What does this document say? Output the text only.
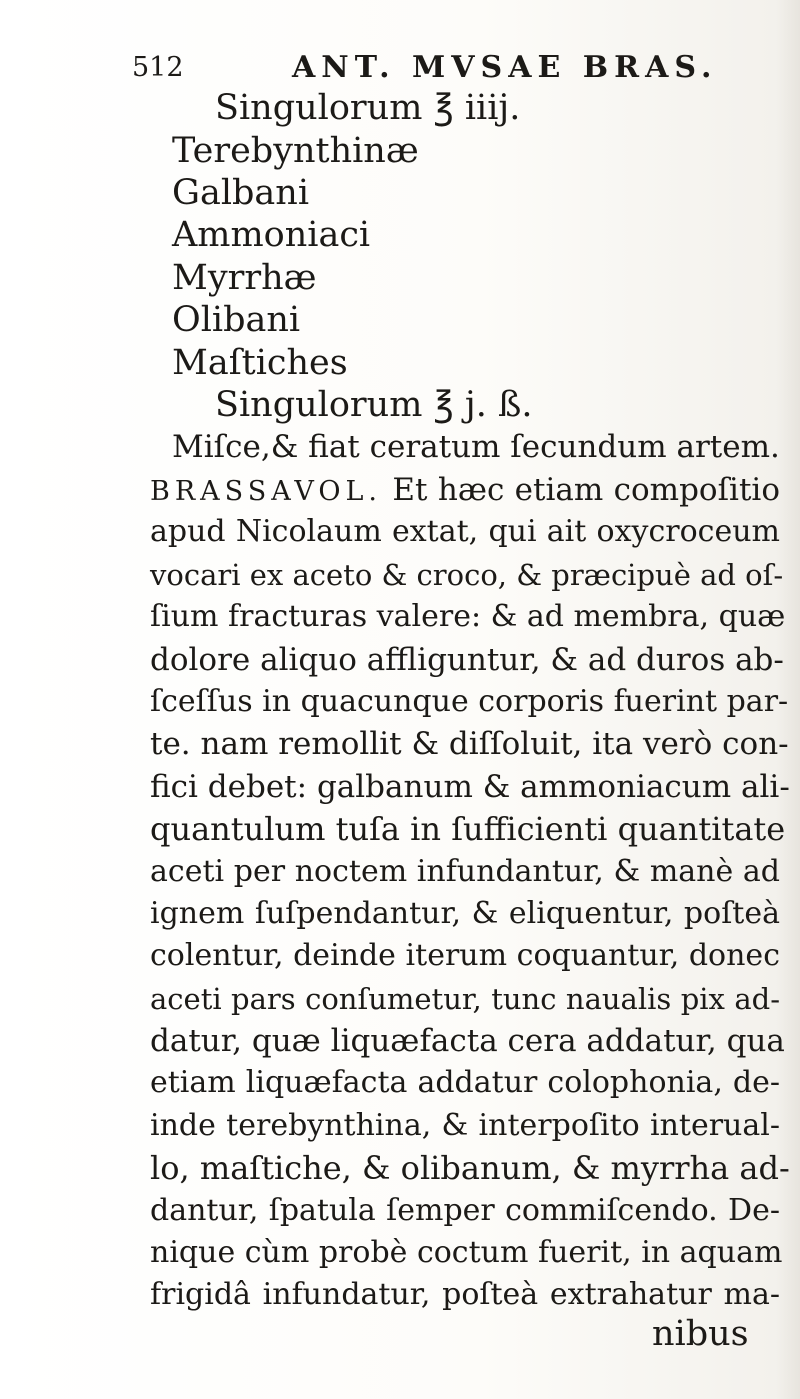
512	ANT. MVSAE BRAS.
Singulorum ℥ iiij.
Terebynthinæ
Galbani
Ammoniaci
Myrrhæ
Olibani
Maſtiches
Singulorum ℥ j. ß.
Miſce,& fiat ceratum ſecundum artem.
BRASSAVOL. Et hæc etiam compoſitio
apud Nicolaum extat, qui ait oxycroceum
vocari ex aceto & croco, & præcipuè ad oſ-
ſium fracturas valere: & ad membra, quæ
dolore aliquo affliguntur, & ad duros ab-
ſceſſus in quacunque corporis fuerint par-
te. nam remollit & diſſoluit, ita verò con-
fici debet: galbanum & ammoniacum ali-
quantulum tuſa in ſufficienti quantitate
aceti per noctem infundantur, & manè ad
ignem ſuſpendantur, & eliquentur, poſteà
colentur, deinde iterum coquantur, donec
aceti pars conſumetur, tunc naualis pix ad-
datur, quæ liquæfacta cera addatur, qua
etiam liquæfacta addatur colophonia, de-
inde terebynthina, & interpoſito interual-
lo, maſtiche, & olibanum, & myrrha ad-
dantur, ſpatula ſemper commiſcendo. De-
nique cùm probè coctum fuerit, in aquam
frigidâ infundatur, poſteà extrahatur ma-
nibus
